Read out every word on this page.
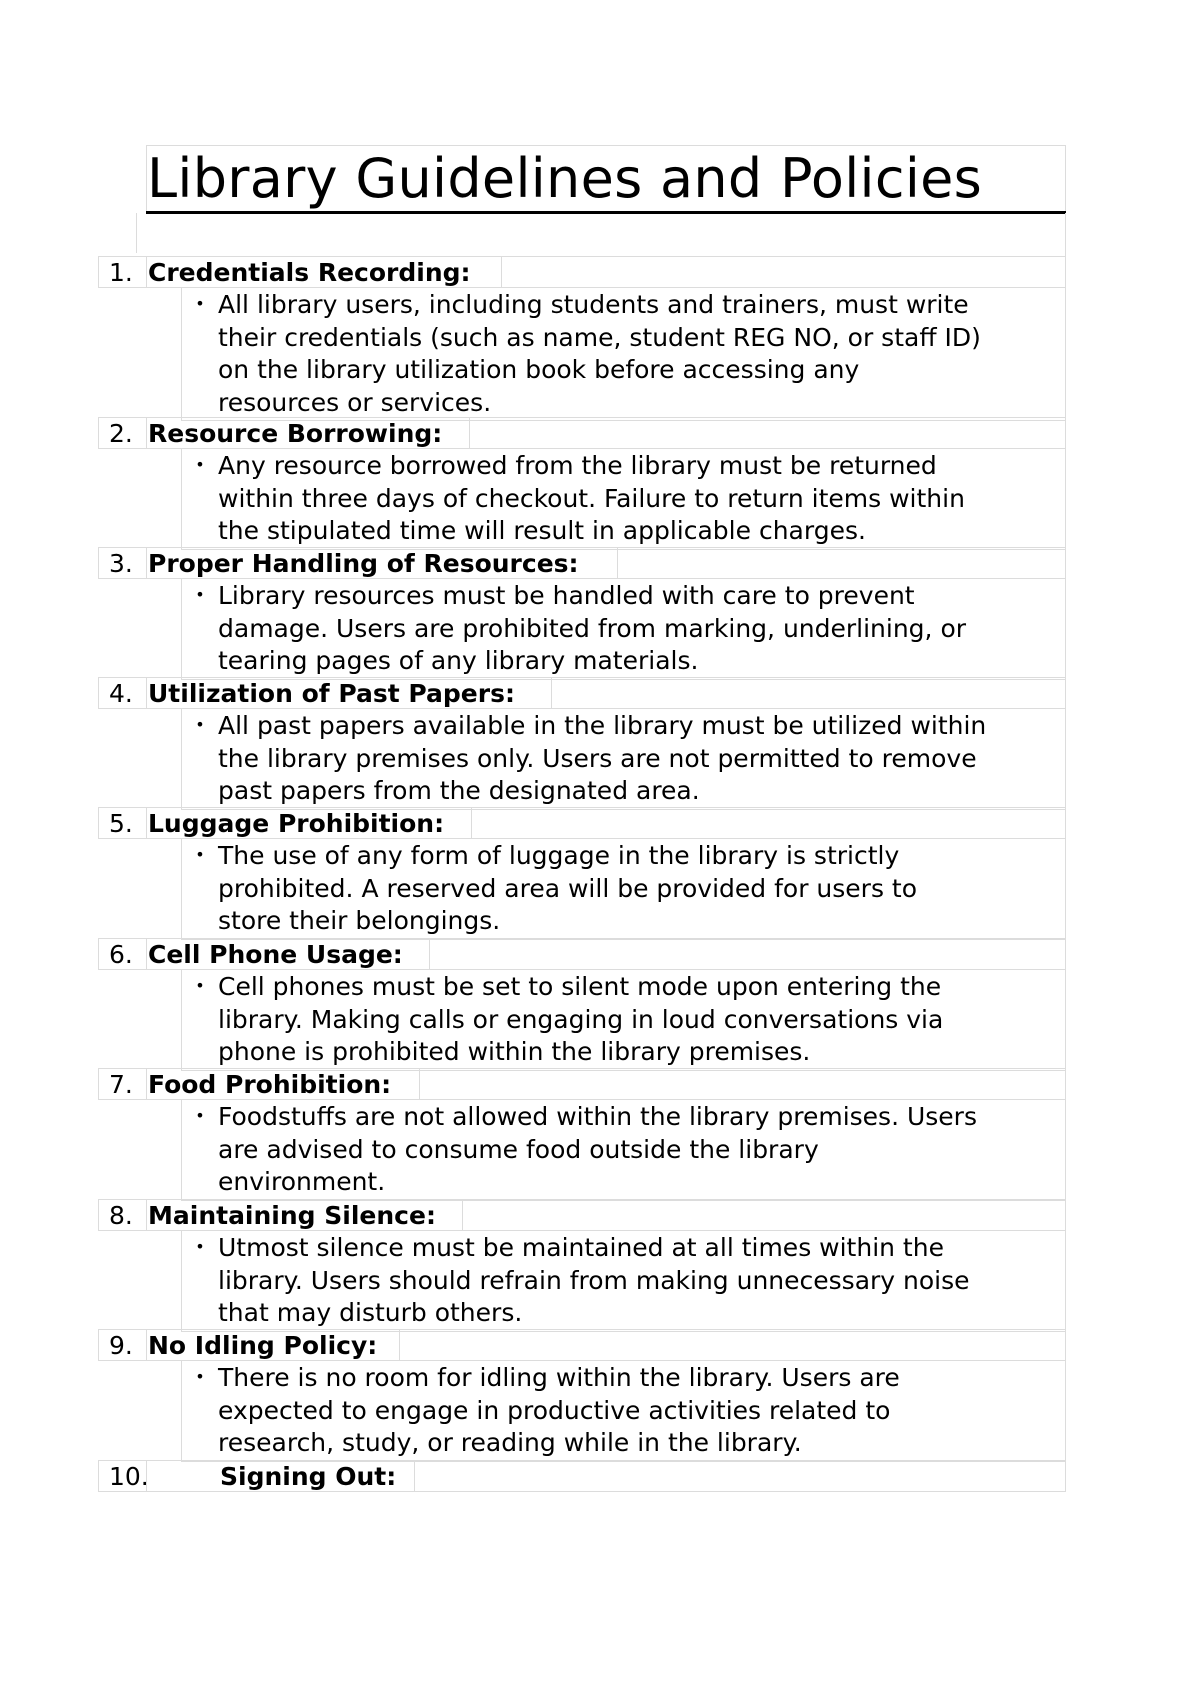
Library Guidelines and Policies
1. Credentials Recording:
• All library users, including students and trainers, must write
their credentials (such as name, student REG NO, or staff ID)
on the library utilization book before accessing any
resources or services.
2. Resource Borrowing:
• Any resource borrowed from the library must be returned
within three days of checkout. Failure to return items within
the stipulated time will result in applicable charges.
3. Proper Handling of Resources:
• Library resources must be handled with care to prevent
damage. Users are prohibited from marking, underlining, or
tearing pages of any library materials.
4. Utilization of Past Papers:
• All past papers available in the library must be utilized within
the library premises only. Users are not permitted to remove
past papers from the designated area.
5. Luggage Prohibition:
• The use of any form of luggage in the library is strictly
prohibited. A reserved area will be provided for users to
store their belongings.
6. Cell Phone Usage:
• Cell phones must be set to silent mode upon entering the
library. Making calls or engaging in loud conversations via
phone is prohibited within the library premises.
7. Food Prohibition:
• Foodstuffs are not allowed within the library premises. Users
are advised to consume food outside the library
environment.
8. Maintaining Silence:
• Utmost silence must be maintained at all times within the
library. Users should refrain from making unnecessary noise
that may disturb others.
9. No Idling Policy:
• There is no room for idling within the library. Users are
expected to engage in productive activities related to
research, study, or reading while in the library.
10.	Signing Out:
